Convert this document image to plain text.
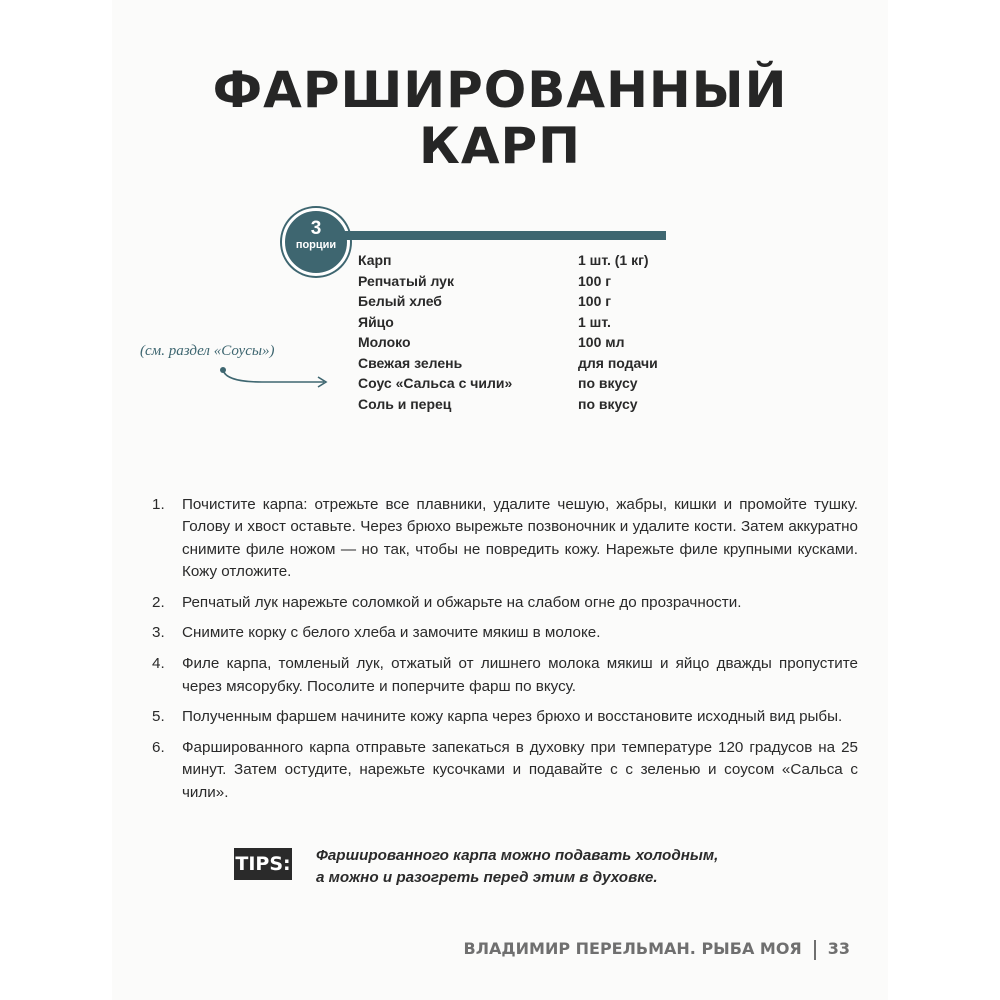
ФАРШИРОВАННЫЙ
КАРП
3
порции
Карп	1 шт. (1 кг)
Репчатый лук	100 г
Белый хлеб	100 г
Яйцо	1 шт.
Молоко	100 мл
Свежая зелень	для подачи
Соус «Сальса с чили»	по вкусу
Соль и перец	по вкусу
(см. раздел «Соусы»)
1.	Почистите карпа: отрежьте все плавники, удалите чешую, жабры, кишки и промойте тушку. Голову и хвост оставьте. Через брюхо вырежьте позвоночник и удалите кости. Затем аккуратно снимите филе ножом — но так, чтобы не повредить кожу. Нарежьте филе крупными кусками. Кожу отложите.
2.	Репчатый лук нарежьте соломкой и обжарьте на слабом огне до прозрачности.
3.	Снимите корку с белого хлеба и замочите мякиш в молоке.
4.	Филе карпа, томленый лук, отжатый от лишнего молока мякиш и яйцо дважды пропустите через мясорубку. Посолите и поперчите фарш по вкусу.
5.	Полученным фаршем начините кожу карпа через брюхо и восстановите исходный вид рыбы.
6.	Фаршированного карпа отправьте запекаться в духовку при температуре 120 градусов на 25 минут. Затем остудите, нарежьте кусочками и подавайте с с зеленью и соусом «Сальса с чили».
TIPS: Фаршированного карпа можно подавать холодным,
а можно и разогреть перед этим в духовке.
ВЛАДИМИР ПЕРЕЛЬМАН. РЫБА МОЯ 33
